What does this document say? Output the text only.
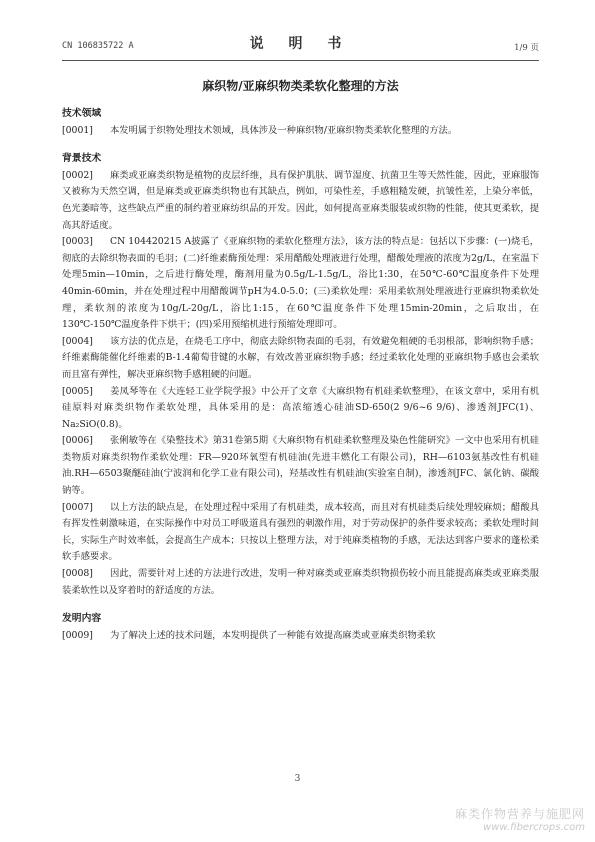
CN 106835722 A	说 明 书	1/9 页
麻织物/亚麻织物类柔软化整理的方法
技术领域

[0001] 本发明属于织物处理技术领域，具体涉及一种麻织物/亚麻织物类柔软化整理的方法。

背景技术

[0002] 麻类或亚麻类织物是植物的皮层纤维，具有保护肌肤、调节湿度、抗菌卫生等天然性能，因此，亚麻服饰又被称为天然空调，但是麻类或亚麻类织物也有其缺点，例如，可染性差，手感粗糙发硬，抗皱性差，上染分率低，色光萎暗等，这些缺点严重的制约着亚麻纺织品的开发。因此，如何提高亚麻类服装或织物的性能，使其更柔软，提高其舒适度。

[0003] CN 104420215 A披露了《亚麻织物的柔软化整理方法》，该方法的特点是：包括以下步骤：(一)烧毛，彻底的去除织物表面的毛羽；(二)纤维素酶预处理：采用醋酸处理液进行处理，醋酸处理液的浓度为2g/L，在室温下处理5min—10min，之后进行酶处理，酶剂用量为0.5g/L-1.5g/L，浴比1:30，在50℃-60℃温度条件下处理40min-60min，并在处理过程中用醋酸调节pH为4.0-5.0；(三)柔软处理：采用柔软剂处理液进行亚麻织物柔软处理，柔软剂的浓度为10g/L-20g/L，浴比1:15，在60℃温度条件下处理15min-20min，之后取出，在130℃-150℃温度条件下烘干；(四)采用预缩机进行预缩处理即可。

[0004] 该方法的优点是，在烧毛工序中，彻底去除织物表面的毛羽，有效避免粗硬的毛羽根部，影响织物手感；纤维素酶能催化纤维素的B-1.4葡萄苷键的水解，有效改善亚麻织物手感；经过柔软化处理的亚麻织物手感也会柔软而且富有弹性，解决亚麻织物手感粗硬的问题。

[0005] 姜凤琴等在《大连轻工业学院学报》中公开了文章《大麻织物有机硅柔软整理》，在该文章中，采用有机硅原料对麻类织物作柔软处理，具体采用的是：高浓缩透心硅油SD-650(2 9/6~6 9/6)、渗透剂JFC(1)、Na₂SiO(0.8)。

[0006] 张俐敏等在《染整技术》第31卷第5期《大麻织物有机硅柔软整理及染色性能研究》一文中也采用有机硅类物质对麻类织物作柔软处理：FR—920环氧型有机硅油(先进丰燃化工有限公司)，RH—6103氨基改性有机硅油.RH—6503聚醚硅油(宁波润和化学工业有限公司)，羟基改性有机硅油(实验室自制)，渗透剂JFC、氯化钠、碳酸钠等。

[0007] 以上方法的缺点是，在处理过程中采用了有机硅类，成本较高，而且对有机硅类后续处理较麻烦；醋酸具有挥发性刺激味道，在实际操作中对员工呼吸道具有强烈的刺激作用，对于劳动保护的条件要求较高；柔软处理时间长，实际生产时效率低，会提高生产成本；只按以上整理方法，对于纯麻类植物的手感，无法达到客户要求的蓬松柔软手感要求。

[0008] 因此，需要针对上述的方法进行改进，发明一种对麻类或亚麻类织物损伤较小而且能提高麻类或亚麻类服装柔软性以及穿着时的舒适度的方法。

发明内容

[0009] 为了解决上述的技术问题，本发明提供了一种能有效提高麻类或亚麻类织物柔软

3
麻类作物营养与施肥网
www.fibercrops.com
